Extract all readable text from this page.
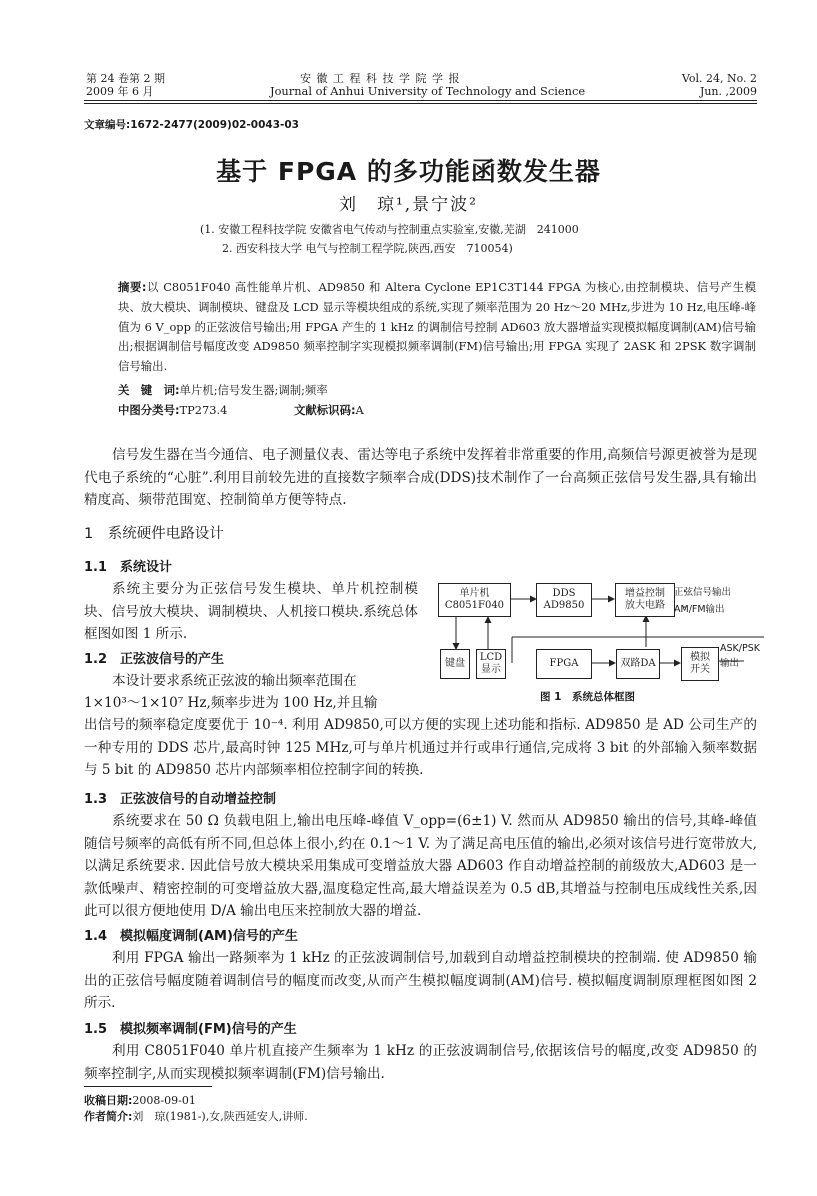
第 24 卷第 2 期
2009 年 6 月
安 徽 工 程 科 技 学 院 学 报
Journal of Anhui University of Technology and Science
Vol. 24, No. 2
Jun. ,2009
文章编号:1672-2477(2009)02-0043-03
基于 FPGA 的多功能函数发生器
刘　琼¹,景宁波²
(1. 安徽工程科技学院 安徽省电气传动与控制重点实验室,安徽,芜湖　241000
2. 西安科技大学 电气与控制工程学院,陕西,西安　710054)
摘要:以 C8051F040 高性能单片机、AD9850 和 Altera Cyclone EP1C3T144 FPGA 为核心,由控制模块、信号产生模块、放大模块、调制模块、键盘及 LCD 显示等模块组成的系统,实现了频率范围为 20 Hz～20 MHz,步进为 10 Hz,电压峰-峰值为 6 V_opp 的正弦波信号输出;用 FPGA 产生的 1 kHz 的调制信号控制 AD603 放大器增益实现模拟幅度调制(AM)信号输出;根据调制信号幅度改变 AD9850 频率控制字实现模拟频率调制(FM)信号输出;用 FPGA 实现了 2ASK 和 2PSK 数字调制信号输出.
关　键　词:单片机;信号发生器;调制;频率
中图分类号:TP273.4	文献标识码:A
信号发生器在当今通信、电子测量仪表、雷达等电子系统中发挥着非常重要的作用,高频信号源更被誉为是现代电子系统的“心脏”.利用目前较先进的直接数字频率合成(DDS)技术制作了一台高频正弦信号发生器,具有输出精度高、频带范围宽、控制简单方便等特点.
1　系统硬件电路设计
1.1　系统设计
系统主要分为正弦信号发生模块、单片机控制模块、信号放大模块、调制模块、人机接口模块.系统总体框图如图 1 所示.
1.2　正弦波信号的产生
本设计要求系统正弦波的输出频率范围在
1×10³～1×10⁷ Hz,频率步进为 100 Hz,并且输
出信号的频率稳定度要优于 10⁻⁴. 利用 AD9850,可以方便的实现上述功能和指标. AD9850 是 AD 公司生产的一种专用的 DDS 芯片,最高时钟 125 MHz,可与单片机通过并行或串行通信,完成将 3 bit 的外部输入频率数据与 5 bit 的 AD9850 芯片内部频率相位控制字间的转换.
1.3　正弦波信号的自动增益控制
系统要求在 50 Ω 负载电阻上,输出电压峰-峰值 V_opp=(6±1) V. 然而从 AD9850 输出的信号,其峰-峰值随信号频率的高低有所不同,但总体上很小,约在 0.1～1 V. 为了满足高电压值的输出,必须对该信号进行宽带放大,以满足系统要求. 因此信号放大模块采用集成可变增益放大器 AD603 作自动增益控制的前级放大,AD603 是一款低噪声、精密控制的可变增益放大器,温度稳定性高,最大增益误差为 0.5 dB,其增益与控制电压成线性关系,因此可以很方便地使用 D/A 输出电压来控制放大器的增益.
1.4　模拟幅度调制(AM)信号的产生
利用 FPGA 输出一路频率为 1 kHz 的正弦波调制信号,加载到自动增益控制模块的控制端. 使 AD9850 输出的正弦信号幅度随着调制信号的幅度而改变,从而产生模拟幅度调制(AM)信号. 模拟幅度调制原理框图如图 2 所示.
1.5　模拟频率调制(FM)信号的产生
利用 C8051F040 单片机直接产生频率为 1 kHz 的正弦波调制信号,依据该信号的幅度,改变 AD9850 的频率控制字,从而实现模拟频率调制(FM)信号输出.
收稿日期:2008-09-01
作者简介:刘　琼(1981-),女,陕西延安人,讲师.
单片机
C8051F040
DDS
AD9850
增益控制
放大电路
键盘
LCD
显示
FPGA	双路DA
模拟
开关
正弦信号输出
AM/FM输出
ASK/PSK
输出
图 1　系统总体框图
